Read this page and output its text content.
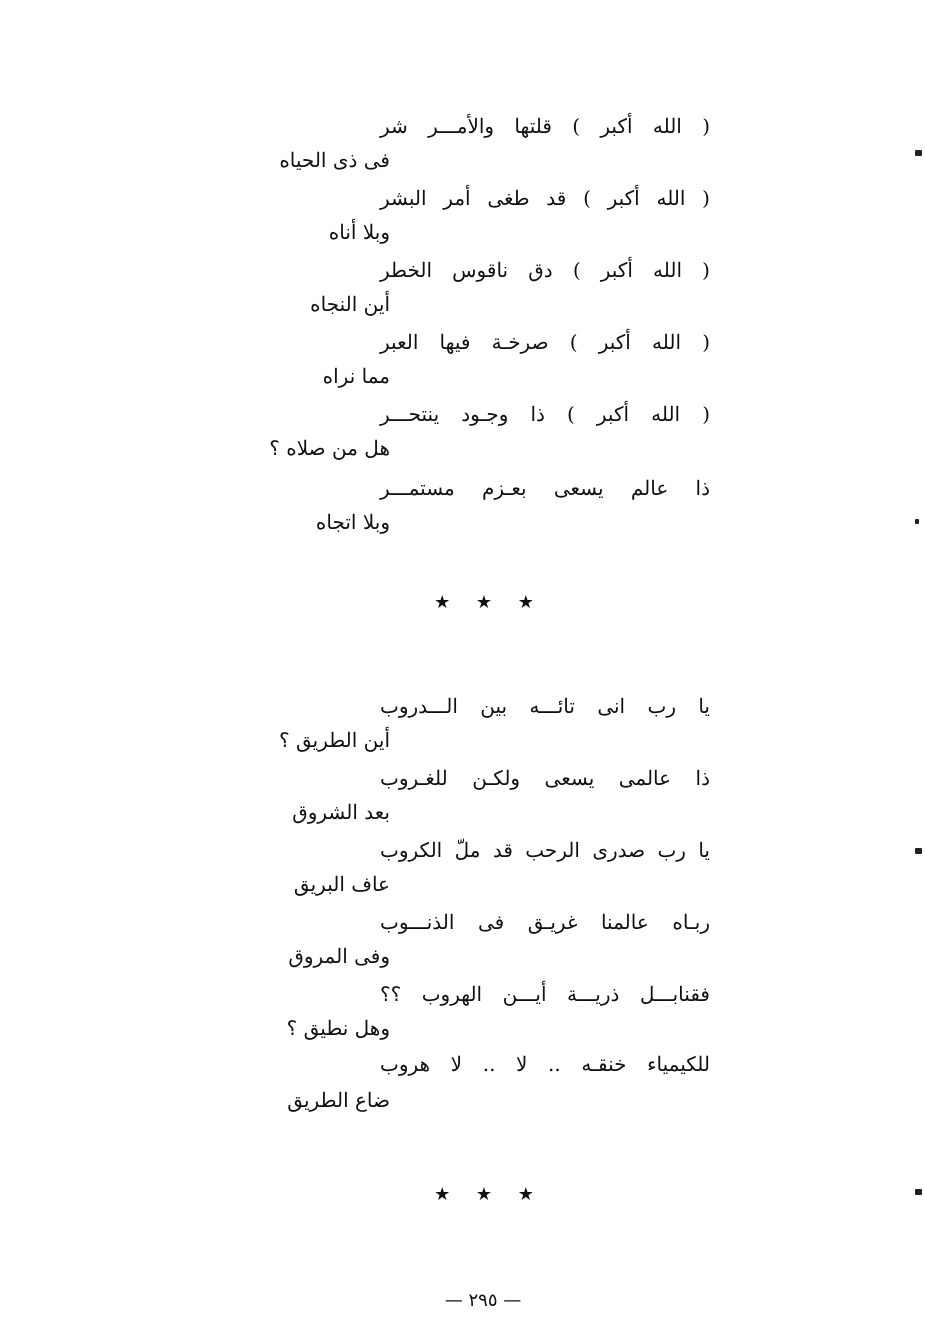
( الله أكبر ) قلتها والأمـــر شر
فى ذى الحياه
( الله أكبر ) قد طغى أمر البشر
وبلا أناه
( الله أكبر ) دق ناقوس الخطر
أين النجاه
( الله أكبر ) صرخـة فيها العبر
مما نراه
( الله أكبر ) ذا وجـود ينتحـــر
هل من صلاه ؟
ذا عالم يسعى بعـزم مستمـــر
وبلا اتجاه
★ ★ ★
يا رب انى تائـــه بين الـــدروب
أين الطريق ؟
ذا عالمى يسعى ولكـن للغـروب
بعد الشروق
يا رب صدرى الرحب قد ملّ الكروب
عاف البريق
ربـاه عالمنا غريـق فى الذنـــوب
وفى المروق
فقنابـــل ذريـــة أيـــن الهروب ؟؟
وهل نطيق ؟
للكيمياء خنقـه .. لا .. لا هروب
ضاع الطريق
★ ★ ★
— ٢٩٥ —
